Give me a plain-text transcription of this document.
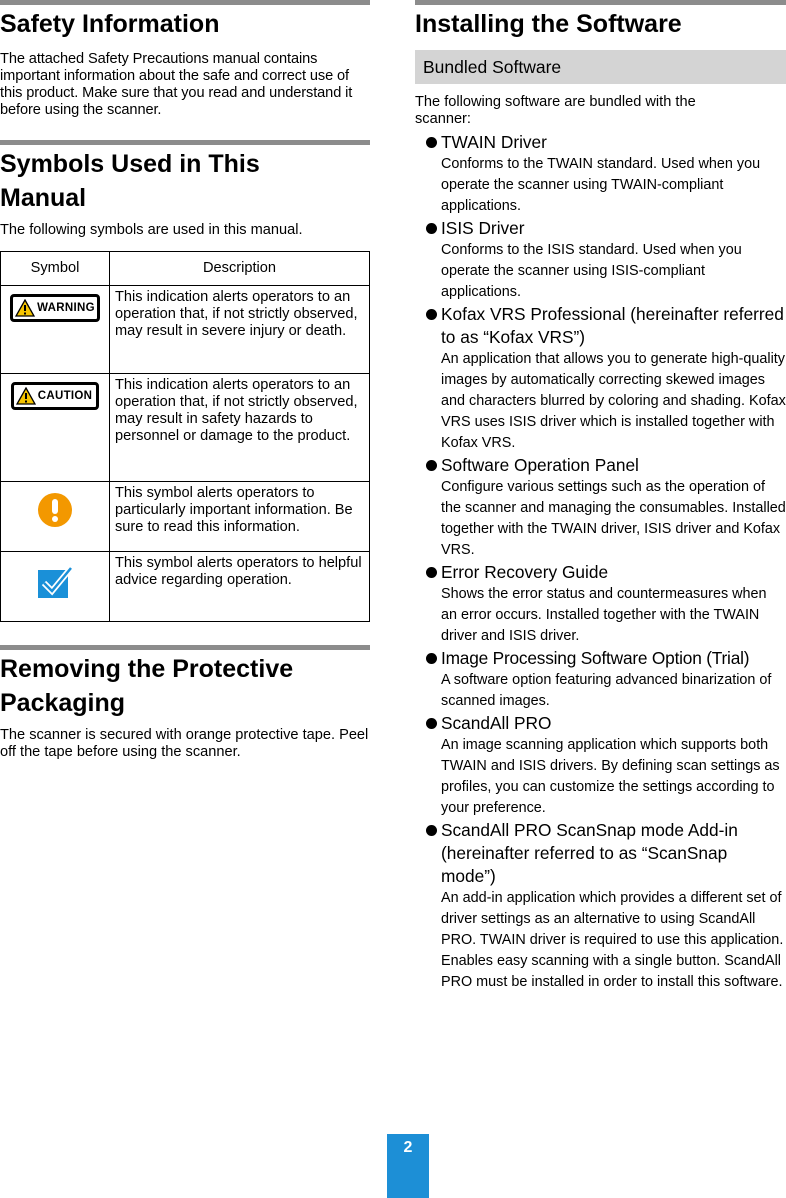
Safety Information

The attached Safety Precautions manual contains important information about the safe and correct use of this product. Make sure that you read and understand it before using the scanner.

Symbols Used in This
Manual

The following symbols are used in this manual.

Symbol	Description

WARNING	This indication alerts operators to an operation that, if not strictly observed, may result in severe injury or death.

CAUTION	This indication alerts operators to an operation that, if not strictly observed, may result in safety hazards to personnel or damage to the product.
	This symbol alerts operators to particularly important information. Be sure to read this information.
	This symbol alerts operators to helpful advice regarding operation.
Removing the Protective
Packaging

The scanner is secured with orange protective tape. Peel off the tape before using the scanner.

Installing the Software
Bundled Software

The following software are bundled with the scanner:

TWAIN Driver
Conforms to the TWAIN standard. Used when you operate the scanner using TWAIN-compliant applications.
ISIS Driver
Conforms to the ISIS standard. Used when you operate the scanner using ISIS-compliant applications.
Kofax VRS Professional (hereinafter referred to as “Kofax VRS”)
An application that allows you to generate high-quality images by automatically correcting skewed images and characters blurred by coloring and shading. Kofax VRS uses ISIS driver which is installed together with Kofax VRS.
Software Operation Panel
Configure various settings such as the operation of the scanner and managing the consumables. Installed together with the TWAIN driver, ISIS driver and Kofax VRS.
Error Recovery Guide
Shows the error status and countermeasures when an error occurs. Installed together with the TWAIN driver and ISIS driver.
Image Processing Software Option (Trial)
A software option featuring advanced binarization of scanned images.
ScandAll PRO
An image scanning application which supports both TWAIN and ISIS drivers. By defining scan settings as profiles, you can customize the settings according to your preference.
ScandAll PRO ScanSnap mode Add-in (hereinafter referred to as “ScanSnap mode”)
An add-in application which provides a different set of driver settings as an alternative to using ScandAll PRO. TWAIN driver is required to use this application. Enables easy scanning with a single button. ScandAll PRO must be installed in order to install this software.
2
